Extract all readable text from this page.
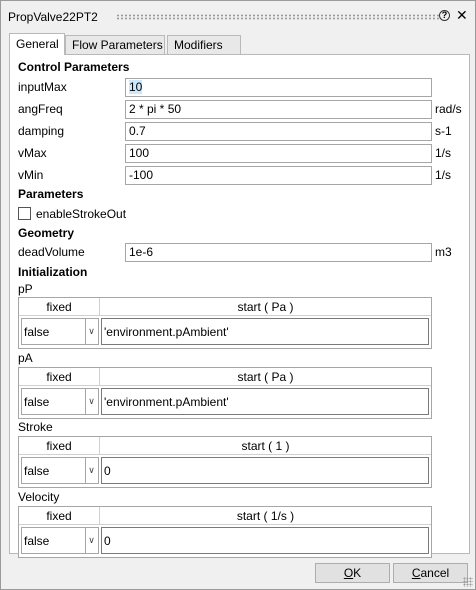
PropValve22PT2	? ✕
General	Flow Parameters Modifiers
Control Parameters
inputMax	10
angFreq	2 * pi * 50	rad/s
damping	0.7	s-1
vMax	100	1/s
vMin	-100	1/s
Parameters
enableStrokeOut
Geometry
deadVolume	1e-6	m3
Initialization
pP
fixed	start ( Pa )
false	∨ 'environment.pAmbient'
pA
fixed	start ( Pa )
false	∨ 'environment.pAmbient'
Stroke
fixed	start ( 1 )
false	∨ 0
Velocity
fixed	start ( 1/s )
false	∨ 0
OK	Cancel
